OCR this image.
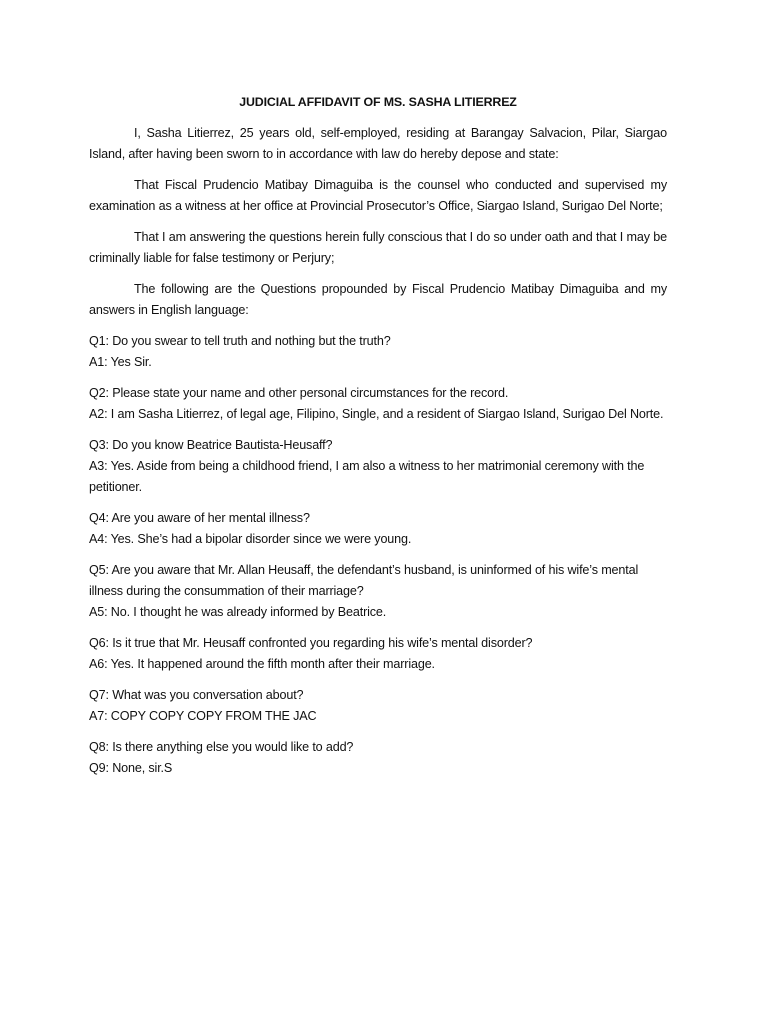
JUDICIAL AFFIDAVIT OF MS. SASHA LITIERREZ

I, Sasha Litierrez, 25 years old, self-employed, residing at Barangay Salvacion, Pilar, Siargao Island, after having been sworn to in accordance with law do hereby depose and state:

That Fiscal Prudencio Matibay Dimaguiba is the counsel who conducted and supervised my examination as a witness at her office at Provincial Prosecutor’s Office, Siargao Island, Surigao Del Norte;

That I am answering the questions herein fully conscious that I do so under oath and that I may be criminally liable for false testimony or Perjury;

The following are the Questions propounded by Fiscal Prudencio Matibay Dimaguiba and my answers in English language:

Q1: Do you swear to tell truth and nothing but the truth?

A1: Yes Sir.

Q2: Please state your name and other personal circumstances for the record.

A2: I am Sasha Litierrez, of legal age, Filipino, Single, and a resident of Siargao Island, Surigao Del Norte.

Q3: Do you know Beatrice Bautista-Heusaff?

A3: Yes. Aside from being a childhood friend, I am also a witness to her matrimonial ceremony with the petitioner.

Q4: Are you aware of her mental illness?

A4: Yes. She’s had a bipolar disorder since we were young.

Q5: Are you aware that Mr. Allan Heusaff, the defendant’s husband, is uninformed of his wife’s mental illness during the consummation of their marriage?

A5: No. I thought he was already informed by Beatrice.

Q6: Is it true that Mr. Heusaff confronted you regarding his wife’s mental disorder?

A6: Yes. It happened around the fifth month after their marriage.

Q7: What was you conversation about?

A7: COPY COPY COPY FROM THE JAC

Q8: Is there anything else you would like to add?

Q9: None, sir.S
